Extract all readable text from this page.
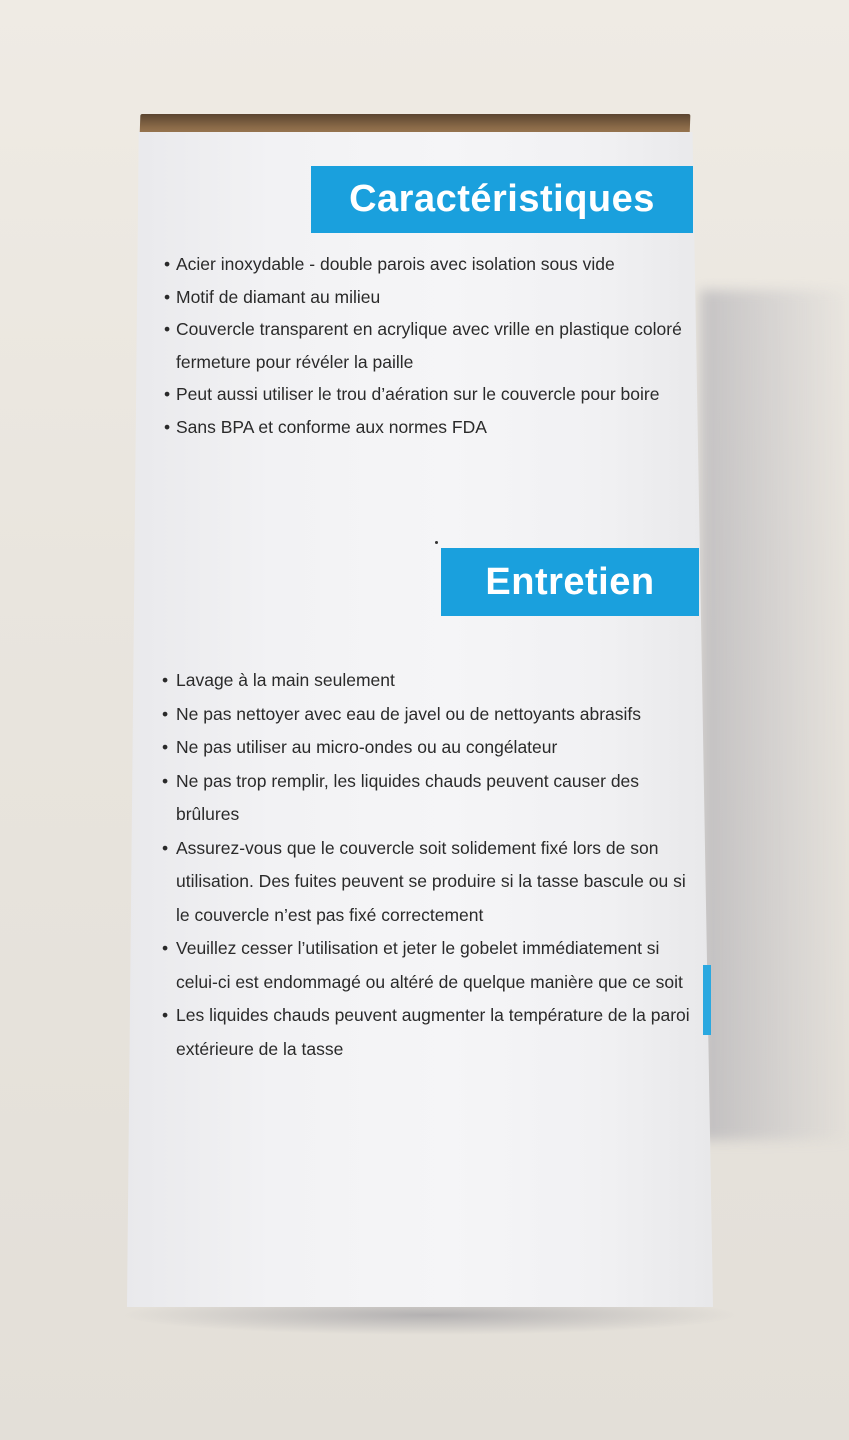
Caractéristiques
• Acier inoxydable - double parois avec isolation sous vide
• Motif de diamant au milieu
• Couvercle transparent en acrylique avec vrille en plastique coloré fermeture pour révéler la paille
• Peut aussi utiliser le trou d’aération sur le couvercle pour boire
• Sans BPA et conforme aux normes FDA
Entretien
• Lavage à la main seulement
• Ne pas nettoyer avec eau de javel ou de nettoyants abrasifs
• Ne pas utiliser au micro-ondes ou au congélateur
• Ne pas trop remplir, les liquides chauds peuvent causer des brûlures
• Assurez-vous que le couvercle soit solidement fixé lors de son utilisation. Des fuites peuvent se produire si la tasse bascule ou si le couvercle n’est pas fixé correctement
• Veuillez cesser l’utilisation et jeter le gobelet immédiatement si celui-ci est endommagé ou altéré de quelque manière que ce soit
• Les liquides chauds peuvent augmenter la température de la paroi extérieure de la tasse
